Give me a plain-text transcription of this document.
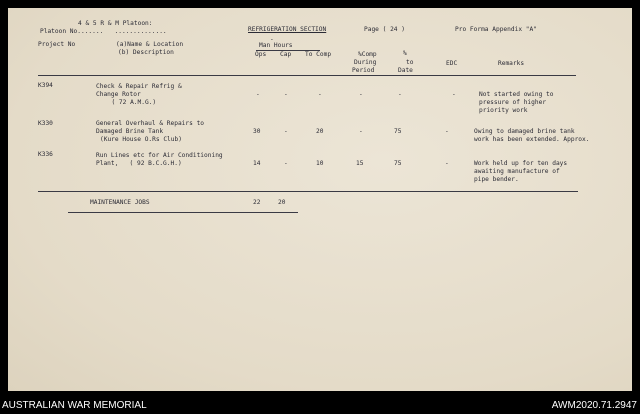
4 & 5 R & M Platoon:
Platoon No.......   ..............	REFRIGERATION SECTION	Page ( 24 )	Pro Forma Appendix "A"
Project No	(a)Name & Location
(b) Description
-
Man Hours
Ops Cap To Comp	%Comp
During
Period
%
to
Date
EDC	Remarks
K394	Check & Repair Refrig &
Change Rotor
( 72 A.M.G.)
-	-	-	-	-	-	Not started owing to
pressure of higher
priority work
K330	General Overhaul & Repairs to
Damaged Brine Tank
(Kure House O.Rs Club)
30	-	20	-	75	-	Owing to damaged brine tank
work has been extended. Approx.
K336	Run Lines etc for Air Conditioning
Plant,   ( 92 B.C.G.H.)	14	-	10	15	75	-	Work held up for ten days
awaiting manufacture of
pipe bender.
MAINTENANCE JOBS	22	20
AUSTRALIAN WAR MEMORIAL	AWM2020.71.2947
